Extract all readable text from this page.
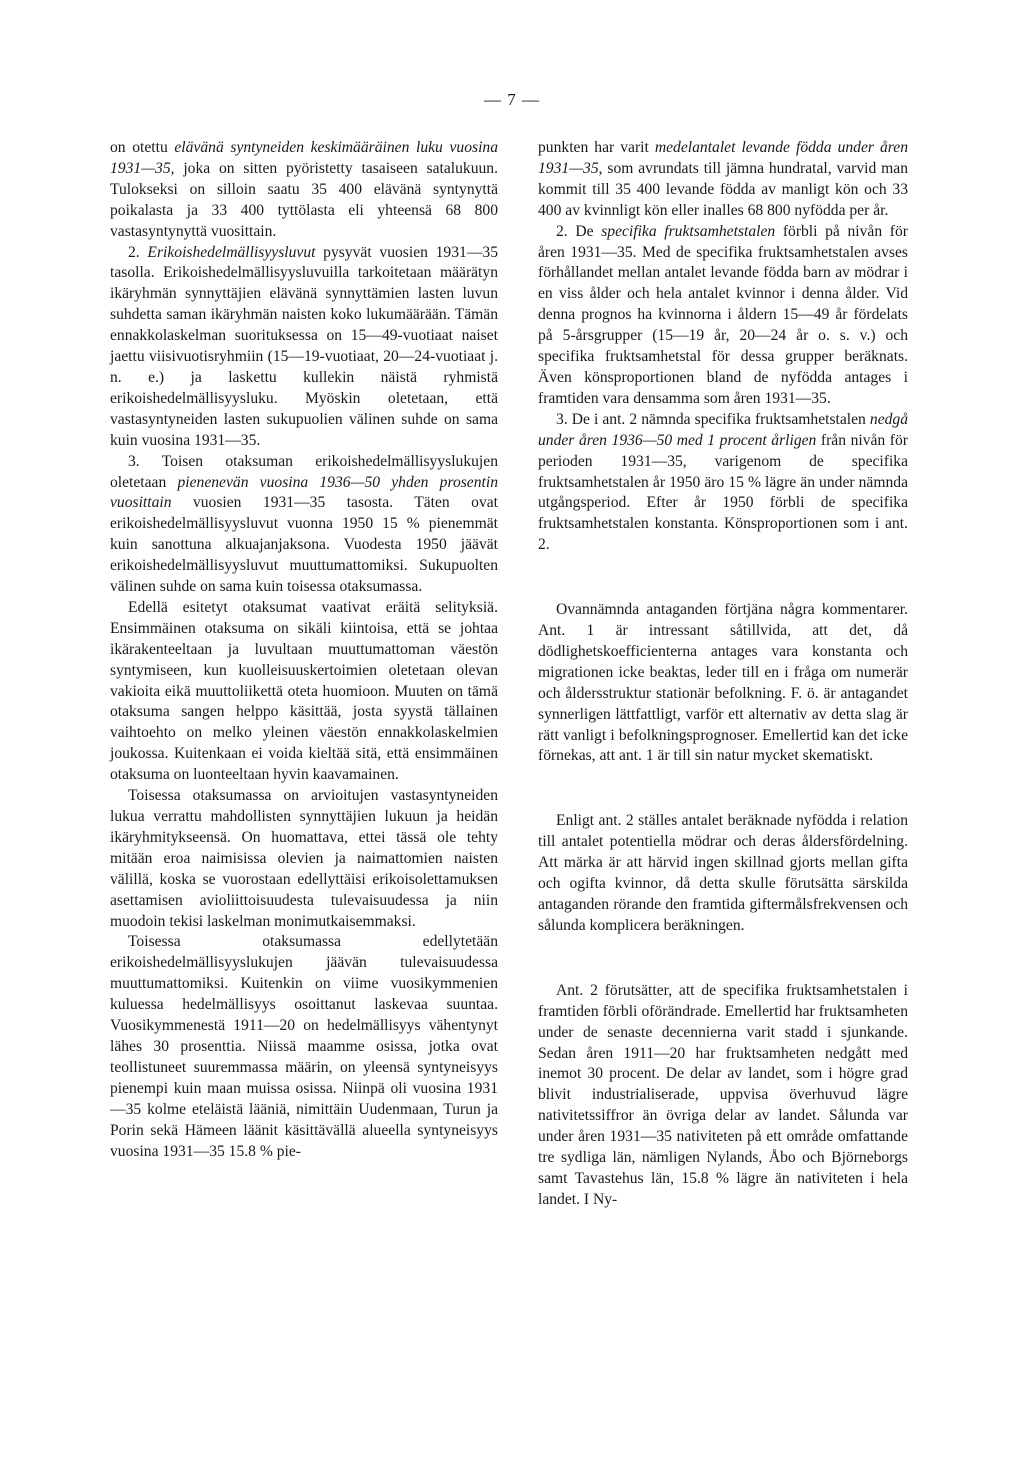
— 7 —

on otettu elävänä syntyneiden keskimääräinen luku vuosina 1931—35, joka on sitten pyöristetty tasaiseen satalukuun. Tulokseksi on silloin saatu 35 400 elävänä syntynyttä poikalasta ja 33 400 tyttölasta eli yhteensä 68 800 vastasyntynyttä vuosittain.

2. Erikoishedelmällisyysluvut pysyvät vuosien 1931—35 tasolla. Erikoishedelmällisyysluvuilla tarkoitetaan määrätyn ikäryhmän synnyttäjien elävänä synnyttämien lasten luvun suhdetta saman ikäryhmän naisten koko lukumäärään. Tämän ennakkolaskelman suorituksessa on 15—49-vuotiaat naiset jaettu viisivuotisryhmiin (15—19-vuotiaat, 20—24-vuotiaat j. n. e.) ja laskettu kullekin näistä ryhmistä erikoishedelmällisyysluku. Myöskin oletetaan, että vastasyntyneiden lasten sukupuolien välinen suhde on sama kuin vuosina 1931—35.

3. Toisen otaksuman erikoishedelmällisyyslukujen oletetaan pienenevän vuosina 1936—50 yhden prosentin vuosittain vuosien 1931—35 tasosta. Täten ovat erikoishedelmällisyysluvut vuonna 1950 15 % pienemmät kuin sanottuna alkuajanjaksona. Vuodesta 1950 jäävät erikoishedelmällisyysluvut muuttumattomiksi. Sukupuolten välinen suhde on sama kuin toisessa otaksumassa.

Edellä esitetyt otaksumat vaativat eräitä selityksiä. Ensimmäinen otaksuma on sikäli kiintoisa, että se johtaa ikärakenteeltaan ja luvultaan muuttumattoman väestön syntymiseen, kun kuolleisuuskertoimien oletetaan olevan vakioita eikä muuttoliikettä oteta huomioon. Muuten on tämä otaksuma sangen helppo käsittää, josta syystä tällainen vaihtoehto on melko yleinen väestön ennakkolaskelmien joukossa. Kuitenkaan ei voida kieltää sitä, että ensimmäinen otaksuma on luonteeltaan hyvin kaavamainen.

Toisessa otaksumassa on arvioitujen vastasyntyneiden lukua verrattu mahdollisten synnyttäjien lukuun ja heidän ikäryhmitykseensä. On huomattava, ettei tässä ole tehty mitään eroa naimisissa olevien ja naimattomien naisten välillä, koska se vuorostaan edellyttäisi erikoisolettamuksen asettamisen avioliittoisuudesta tulevaisuudessa ja niin muodoin tekisi laskelman monimutkaisemmaksi.

Toisessa otaksumassa edellytetään erikoishedelmällisyyslukujen jäävän tulevaisuudessa muuttumattomiksi. Kuitenkin on viime vuosikymmenien kuluessa hedelmällisyys osoittanut laskevaa suuntaa. Vuosikymmenestä 1911—20 on hedelmällisyys vähentynyt lähes 30 prosenttia. Niissä maamme osissa, jotka ovat teollistuneet suuremmassa määrin, on yleensä syntyneisyys pienempi kuin maan muissa osissa. Niinpä oli vuosina 1931—35 kolme eteläistä lääniä, nimittäin Uudenmaan, Turun ja Porin sekä Hämeen läänit käsittävällä alueella syntyneisyys vuosina 1931—35 15.8 % pie-

punkten har varit medelantalet levande födda under åren 1931—35, som avrundats till jämna hundratal, varvid man kommit till 35 400 levande födda av manligt kön och 33 400 av kvinnligt kön eller inalles 68 800 nyfödda per år.

2. De specifika fruktsamhetstalen förbli på nivån för åren 1931—35. Med de specifika fruktsamhetstalen avses förhållandet mellan antalet levande födda barn av mödrar i en viss ålder och hela antalet kvinnor i denna ålder. Vid denna prognos ha kvinnorna i åldern 15—49 år fördelats på 5-årsgrupper (15—19 år, 20—24 år o. s. v.) och specifika fruktsamhetstal för dessa grupper beräknats. Även könsproportionen bland de nyfödda antages i framtiden vara densamma som åren 1931—35.

3. De i ant. 2 nämnda specifika fruktsamhetstalen nedgå under åren 1936—50 med 1 procent årligen från nivån för perioden 1931—35, varigenom de specifika fruktsamhetstalen år 1950 äro 15 % lägre än under nämnda utgångsperiod. Efter år 1950 förbli de specifika fruktsamhetstalen konstanta. Könsproportionen som i ant. 2.

Ovannämnda antaganden förtjäna några kommentarer. Ant. 1 är intressant såtillvida, att det, då dödlighetskoefficienterna antages vara konstanta och migrationen icke beaktas, leder till en i fråga om numerär och åldersstruktur stationär befolkning. F. ö. är antagandet synnerligen lättfattligt, varför ett alternativ av detta slag är rätt vanligt i befolkningsprognoser. Emellertid kan det icke förnekas, att ant. 1 är till sin natur mycket skematiskt.

Enligt ant. 2 ställes antalet beräknade nyfödda i relation till antalet potentiella mödrar och deras åldersfördelning. Att märka är att härvid ingen skillnad gjorts mellan gifta och ogifta kvinnor, då detta skulle förutsätta särskilda antaganden rörande den framtida giftermålsfrekvensen och sålunda komplicera beräkningen.

Ant. 2 förutsätter, att de specifika fruktsamhetstalen i framtiden förbli oförändrade. Emellertid har fruktsamheten under de senaste decennierna varit stadd i sjunkande. Sedan åren 1911—20 har fruktsamheten nedgått med inemot 30 procent. De delar av landet, som i högre grad blivit industrialiserade, uppvisa överhuvud lägre nativitetssiffror än övriga delar av landet. Sålunda var under åren 1931—35 nativiteten på ett område omfattande tre sydliga län, nämligen Nylands, Åbo och Björneborgs samt Tavastehus län, 15.8 % lägre än nativiteten i hela landet. I Ny-
